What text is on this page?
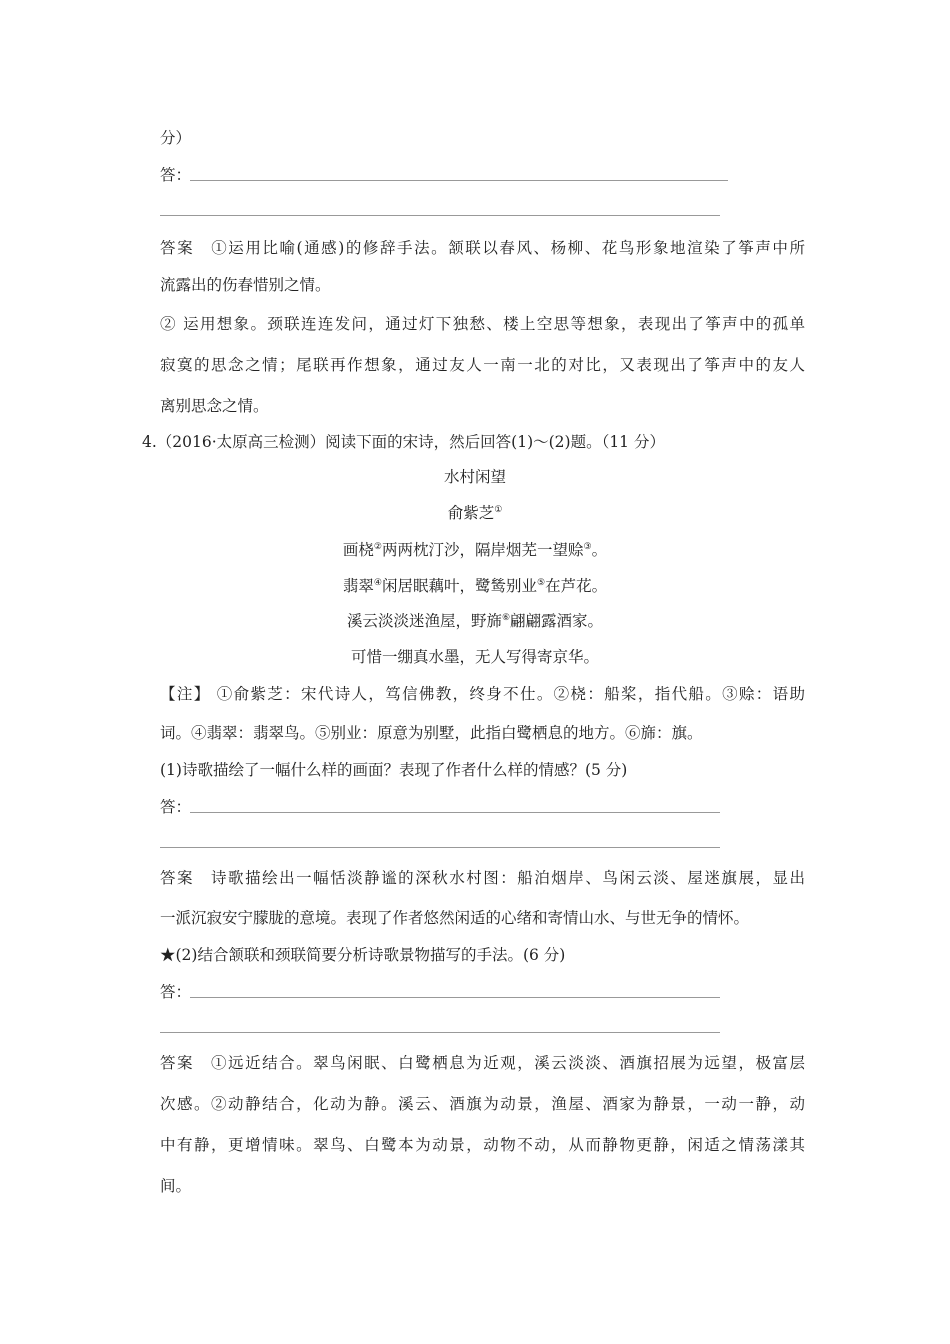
分）
答：
答案　①运用比喻(通感)的修辞手法。颔联以春风、杨柳、花鸟形象地渲染了筝声中所
流露出的伤春惜别之情。
② 运用想象。颈联连连发问，通过灯下独愁、楼上空思等想象，表现出了筝声中的孤单
寂寞的思念之情；尾联再作想象，通过友人一南一北的对比，又表现出了筝声中的友人
离别思念之情。
4.（2016·太原高三检测）阅读下面的宋诗，然后回答(1)～(2)题。（11 分）
水村闲望
俞紫芝①
画桡②两两枕汀沙，隔岸烟芜一望赊③。
翡翠④闲居眠藕叶，鹭鸶别业⑤在芦花。
溪云淡淡迷渔屋，野旆⑥翩翩露酒家。
可惜一绷真水墨，无人写得寄京华。
【注】 ①俞紫芝：宋代诗人，笃信佛教，终身不仕。②桡：船桨，指代船。③赊：语助
词。④翡翠：翡翠鸟。⑤别业：原意为别墅，此指白鹭栖息的地方。⑥旆：旗。
(1)诗歌描绘了一幅什么样的画面？表现了作者什么样的情感？(5 分)
答：
答案　诗歌描绘出一幅恬淡静谧的深秋水村图：船泊烟岸、鸟闲云淡、屋迷旗展，显出
一派沉寂安宁朦胧的意境。表现了作者悠然闲适的心绪和寄情山水、与世无争的情怀。
★(2)结合颔联和颈联简要分析诗歌景物描写的手法。(6 分)
答：
答案　①远近结合。翠鸟闲眠、白鹭栖息为近观，溪云淡淡、酒旗招展为远望，极富层
次感。②动静结合，化动为静。溪云、酒旗为动景，渔屋、酒家为静景，一动一静，动
中有静，更增情味。翠鸟、白鹭本为动景，动物不动，从而静物更静，闲适之情荡漾其
间。
